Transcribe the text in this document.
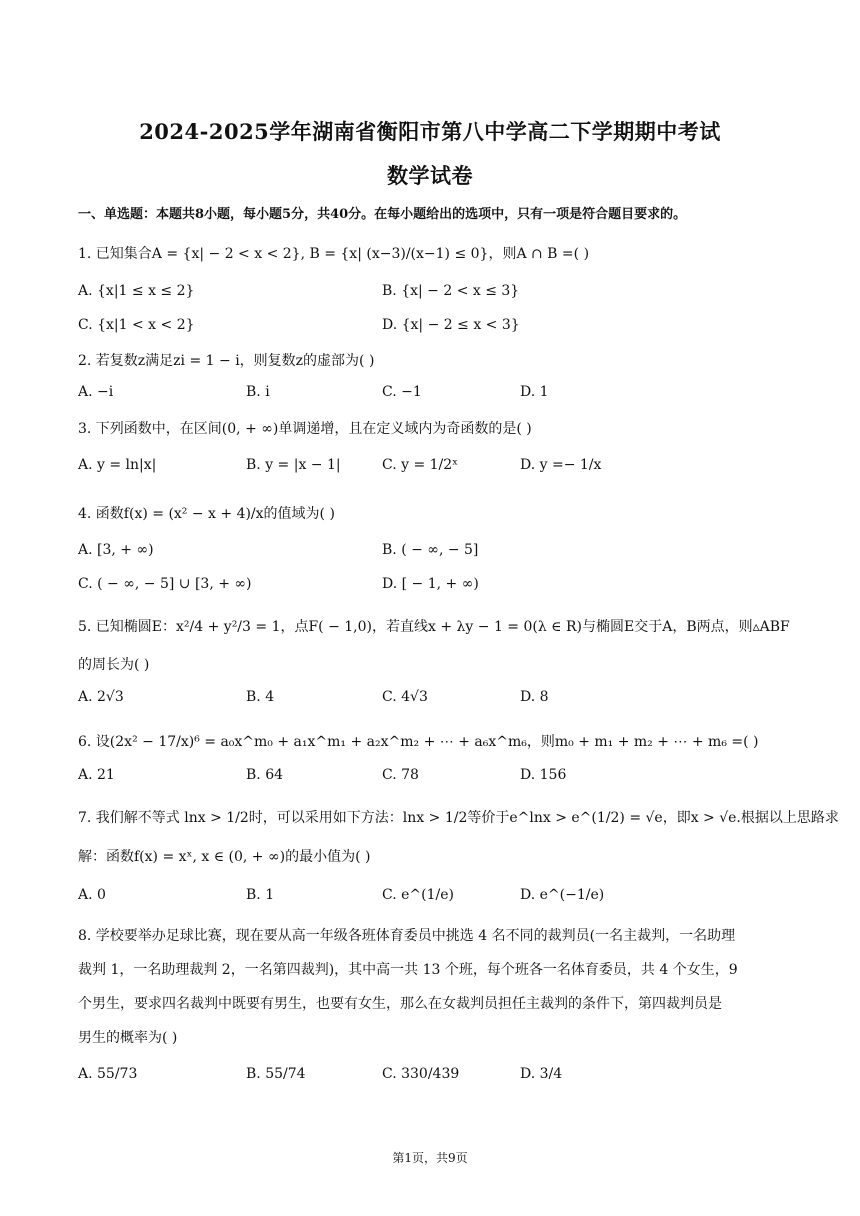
2024-2025学年湖南省衡阳市第八中学高二下学期期中考试
数学试卷
一、单选题：本题共8小题，每小题5分，共40分。在每小题给出的选项中，只有一项是符合题目要求的。
1. 已知集合A = {x| − 2 < x < 2}, B = {x| (x−3)/(x−1) ≤ 0}，则A ∩ B =( )
A. {x|1 ≤ x ≤ 2}	B. {x| − 2 < x ≤ 3}
C. {x|1 < x < 2}	D. {x| − 2 ≤ x < 3}
2. 若复数z满足zi = 1 − i，则复数z的虚部为( )
A. −i	B. i	C. −1	D. 1
3. 下列函数中，在区间(0, + ∞)单调递增，且在定义域内为奇函数的是( )
A. y = ln|x|	B. y = |x − 1|	C. y = 1/2ˣ	D. y =− 1/x
4. 函数f(x) = (x² − x + 4)/x的值域为( )
A. [3, + ∞)	B. ( − ∞, − 5]
C. ( − ∞, − 5] ∪ [3, + ∞)	D. [ − 1, + ∞)
5. 已知椭圆E：x²/4 + y²/3 = 1，点F( − 1,0)，若直线x + λy − 1 = 0(λ ∈ R)与椭圆E交于A，B两点，则▵ABF
的周长为( )
A. 2√3	B. 4	C. 4√3	D. 8
6. 设(2x² − 17/x)⁶ = a₀x^m₀ + a₁x^m₁ + a₂x^m₂ + ⋯ + a₆x^m₆，则m₀ + m₁ + m₂ + ⋯ + m₆ =( )
A. 21	B. 64	C. 78	D. 156
7. 我们解不等式 lnx > 1/2时，可以采用如下方法：lnx > 1/2等价于e^lnx > e^(1/2) = √e，即x > √e.根据以上思路求
解：函数f(x) = xˣ, x ∈ (0, + ∞)的最小值为( )
A. 0	B. 1	C. e^(1/e)	D. e^(−1/e)
8. 学校要举办足球比赛，现在要从高一年级各班体育委员中挑选 4 名不同的裁判员(一名主裁判，一名助理
裁判 1，一名助理裁判 2，一名第四裁判)，其中高一共 13 个班，每个班各一名体育委员，共 4 个女生，9
个男生，要求四名裁判中既要有男生，也要有女生，那么在女裁判员担任主裁判的条件下，第四裁判员是
男生的概率为( )
A. 55/73	B. 55/74	C. 330/439	D. 3/4
第1页，共9页
